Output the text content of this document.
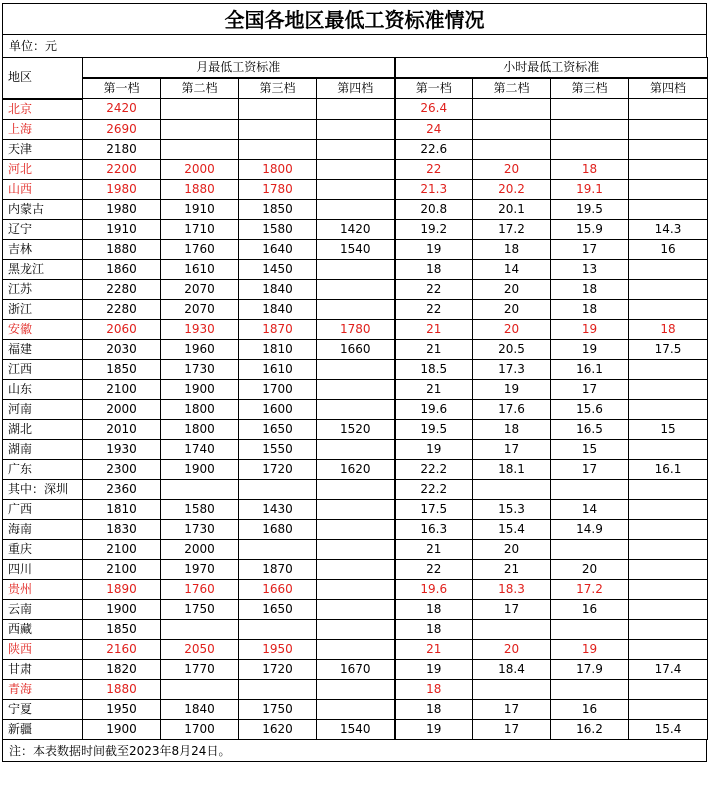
全国各地区最低工资标准情况
单位：元
地区	月最低工资标准				小时最低工资标准			
	第一档	第二档	第三档	第四档	第一档	第二档	第三档	第四档
北京	2420				26.4			
上海	2690				24			
天津	2180				22.6			
河北	2200	2000	1800		22	20	18	
山西	1980	1880	1780		21.3	20.2	19.1	
内蒙古	1980	1910	1850		20.8	20.1	19.5	
辽宁	1910	1710	1580	1420	19.2	17.2	15.9	14.3
吉林	1880	1760	1640	1540	19	18	17	16
黑龙江	1860	1610	1450		18	14	13	
江苏	2280	2070	1840		22	20	18	
浙江	2280	2070	1840		22	20	18	
安徽	2060	1930	1870	1780	21	20	19	18
福建	2030	1960	1810	1660	21	20.5	19	17.5
江西	1850	1730	1610		18.5	17.3	16.1	
山东	2100	1900	1700		21	19	17	
河南	2000	1800	1600		19.6	17.6	15.6	
湖北	2010	1800	1650	1520	19.5	18	16.5	15
湖南	1930	1740	1550		19	17	15	
广东	2300	1900	1720	1620	22.2	18.1	17	16.1
其中：深圳	2360				22.2			
广西	1810	1580	1430		17.5	15.3	14	
海南	1830	1730	1680		16.3	15.4	14.9	
重庆	2100	2000			21	20		
四川	2100	1970	1870		22	21	20	
贵州	1890	1760	1660		19.6	18.3	17.2	
云南	1900	1750	1650		18	17	16	
西藏	1850				18			
陕西	2160	2050	1950		21	20	19	
甘肃	1820	1770	1720	1670	19	18.4	17.9	17.4
青海	1880				18			
宁夏	1950	1840	1750		18	17	16	
新疆	1900	1700	1620	1540	19	17	16.2	15.4
注：本表数据时间截至2023年8月24日。
